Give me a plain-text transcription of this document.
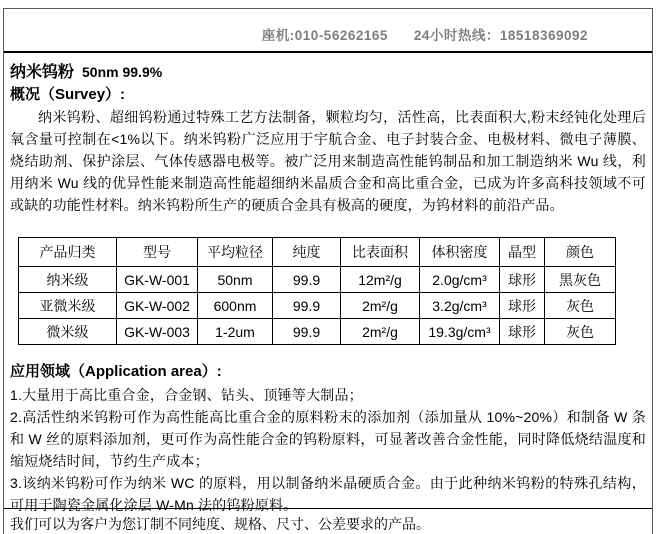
座机:010-56262165 24小时热线：18518369092
纳米钨粉 50nm 99.9%
概况（Survey）:

纳米钨粉、超细钨粉通过特殊工艺方法制备，颗粒均匀，活性高，比表面积大,粉末经钝化处理后氧含量可控制在<1%以下。纳米钨粉广泛应用于宇航合金、电子封装合金、电极材料、微电子薄膜、烧结助剂、保护涂层、气体传感器电极等。被广泛用来制造高性能钨制品和加工制造纳米 Wu 线，利用纳米 Wu 线的优异性能来制造高性能超细纳米晶质合金和高比重合金，已成为许多高科技领域不可或缺的功能性材料。纳米钨粉所生产的硬质合金具有极高的硬度，为钨材料的前沿产品。

产品归类	型号	平均粒径	纯度	比表面积	体积密度	晶型	颜色
纳米级	GK-W-001	50nm	99.9	12m²/g	2.0g/cm³	球形	黑灰色
亚微米级	GK-W-002	600nm	99.9	2m²/g	3.2g/cm³	球形	灰色
微米级	GK-W-003	1-2um	99.9	2m²/g	19.3g/cm³	球形	灰色
应用领域（Application area）:
1.大量用于高比重合金，合金钢、钻头、顶锤等大制品；
2.高活性纳米钨粉可作为高性能高比重合金的原料粉末的添加剂（添加量从 10%~20%）和制备 W 条和 W 丝的原料添加剂，更可作为高性能合金的钨粉原料，可显著改善合金性能，同时降低烧结温度和缩短烧结时间，节约生产成本；
3.该纳米钨粉可作为纳米 WC 的原料，用以制备纳米晶硬质合金。由于此种纳米钨粉的特殊孔结构，可用于陶瓷金属化涂层 W-Mn 法的钨粉原料。
我们可以为客户为您订制不同纯度、规格、尺寸、公差要求的产品。
